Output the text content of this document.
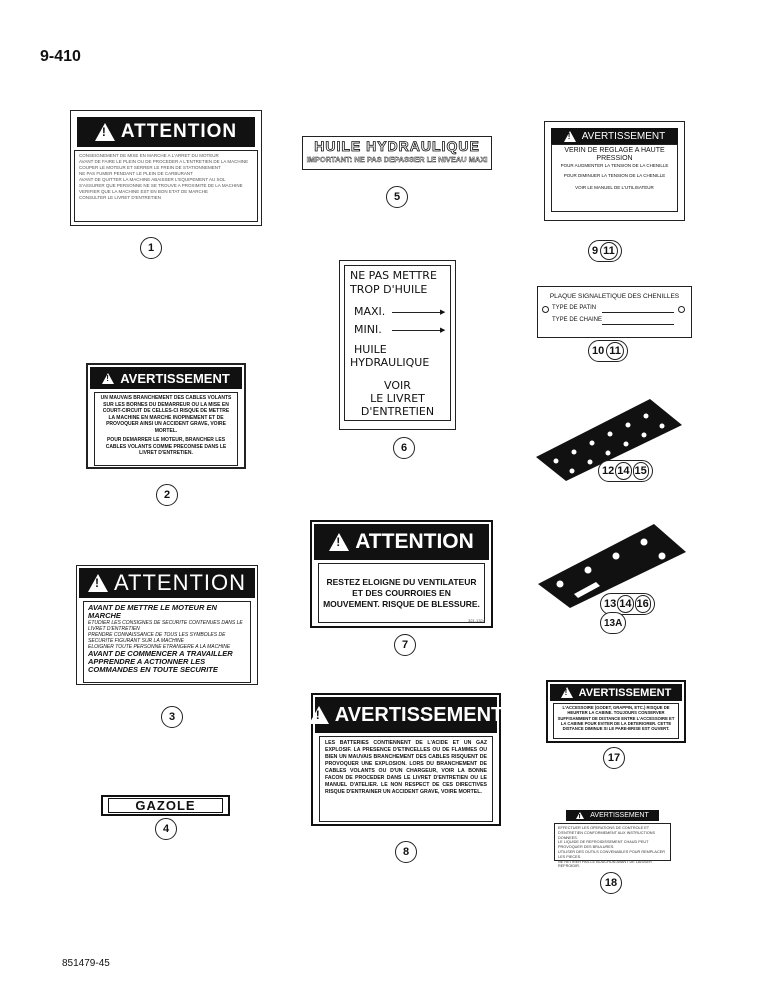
9-410
!
ATTENTION
CONSEIGNEMENT DE MISE EN MARCHE A L'ARRET DU MOTEUR
AVANT DE FAIRE LE PLEIN OU DE PROCEDER A L'ENTRETIEN DE LA MACHINE
COUPER LE MOTEUR ET SERRER LE FREIN DE STATIONNEMENT
NE PAS FUMER PENDANT LE PLEIN DE CARBURANT
AVANT DE QUITTER LA MACHINE ABAISSER L'EQUIPEMENT AU SOL
S'ASSURER QUE PERSONNE NE SE TROUVE A PROXIMITE DE LA MACHINE
VERIFIER QUE LA MACHINE EST EN BON ETAT DE MARCHE
CONSULTER LE LIVRET D'ENTRETIEN
1
!
AVERTISSEMENT
UN MAUVAIS BRANCHEMENT DES CABLES VOLANTS SUR LES BORNES DU DEMARREUR OU LA MISE EN COURT-CIRCUIT DE CELLES-CI RISQUE DE METTRE LA MACHINE EN MARCHE INOPINEMENT ET DE PROVOQUER AINSI UN ACCIDENT GRAVE, VOIRE MORTEL.
POUR DEMARRER LE MOTEUR, BRANCHER LES CABLES VOLANTS COMME PRECONISE DANS LE LIVRET D'ENTRETIEN.
2
!
ATTENTION
AVANT DE METTRE LE MOTEUR EN MARCHE
ETUDIER LES CONSIGNES DE SECURITE CONTENUES DANS LE LIVRET D'ENTRETIEN
PRENDRE CONNAISSANCE DE TOUS LES SYMBOLES DE SECURITE FIGURANT SUR LA MACHINE
ELOIGNER TOUTE PERSONNE ETRANGERE A LA MACHINE
AVANT DE COMMENCER A TRAVAILLER
APPRENDRE A ACTIONNER LES COMMANDES EN TOUTE SECURITE
3
GAZOLE
4
HUILE HYDRAULIQUE
IMPORTANT: NE PAS DEPASSER LE NIVEAU MAXI
5
NE PAS METTRE
TROP D'HUILE
MAXI.	▶
MINI.	▶
HUILE
HYDRAULIQUE
VOIR
LE LIVRET
D'ENTRETIEN
6
!
ATTENTION
RESTEZ ELOIGNE DU VENTILATEUR ET DES COURROIES EN MOUVEMENT. RISQUE DE BLESSURE.
321-1324
7
!
AVERTISSEMENT
LES BATTERIES CONTIENNENT DE L'ACIDE ET UN GAZ EXPLOSIF. LA PRESENCE D'ETINCELLES OU DE FLAMMES OU BIEN UN MAUVAIS BRANCHEMENT DES CABLES RISQUENT DE PROVOQUER UNE EXPLOSION. LORS DU BRANCHEMENT DE CABLES VOLANTS OU D'UN CHARGEUR, VOIR LA BONNE FACON DE PROCEDER DANS LE LIVRET D'ENTRETIEN OU LE MANUEL D'ATELIER. LE NON RESPECT DE CES DIRECTIVES RISQUE D'ENTRAINER UN ACCIDENT GRAVE, VOIRE MORTEL.
8
!
AVERTISSEMENT
VERIN DE REGLAGE A HAUTE PRESSION
POUR AUGMENTER LA TENSION DE LA CHENILLE
POUR DIMINUER LA TENSION DE LA CHENILLE
VOIR LE MANUEL DE L'UTILISATEUR
9 11
PLAQUE SIGNALETIQUE DES CHENILLES
TYPE DE PATIN
TYPE DE CHAINE
10 11
12 14 15
13 14 16
13A
!
AVERTISSEMENT
L'ACCESSOIRE (GODET, GRAPPIN, ETC.) RISQUE DE HEURTER LA CABINE. TOUJOURS CONSERVER SUFFISAMMENT DE DISTANCE ENTRE L'ACCESSOIRE ET LA CABINE POUR EVITER DE LA DETERIORER. CETTE DISTANCE DIMINUE SI LE PARE-BRISE EST OUVERT.
17
!
AVERTISSEMENT
EFFECTUER LES OPERATIONS DE CONTROLE ET D'ENTRETIEN CONFORMEMENT AUX INSTRUCTIONS DONNEES.
LE LIQUIDE DE REFROIDISSEMENT CHAUD PEUT PROVOQUER DES BRULURES.
UTILISER DES OUTILS CONVENABLES POUR REMPLACER LES PIECES.
NE RETIRER PAS LE BOUCHON AVANT DE LAISSER REFROIDIR.
18
851479-45
